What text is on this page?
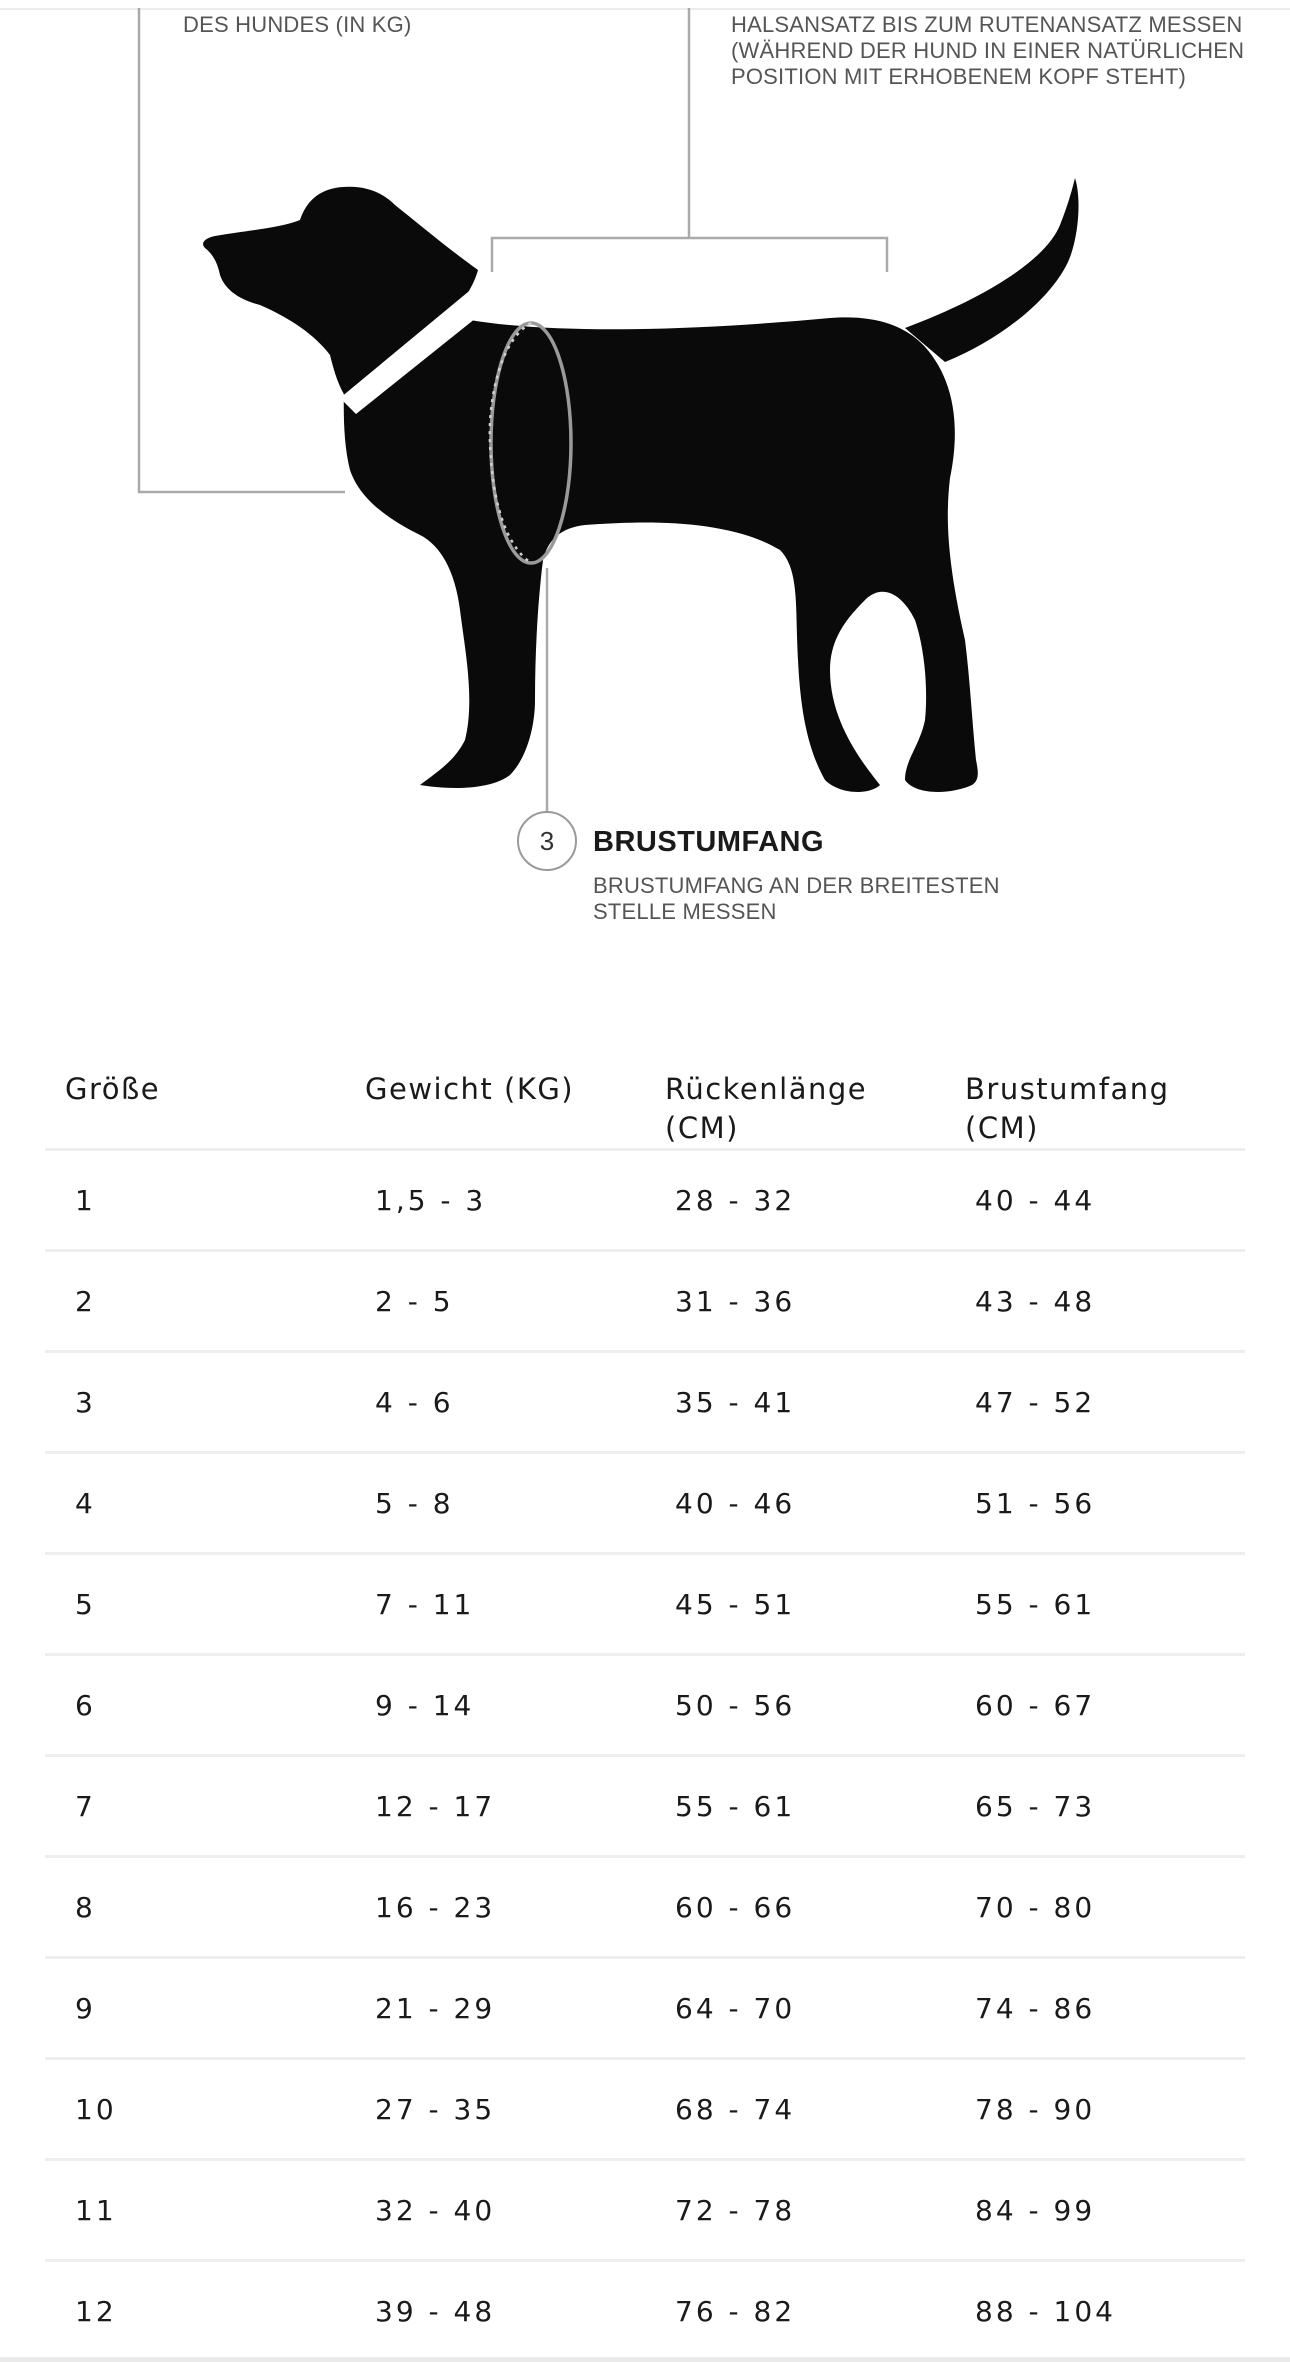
DES HUNDES (IN KG)	HALSANSATZ BIS ZUM RUTENANSATZ MESSEN (WÄHREND DER HUND IN EINER NATÜRLICHEN POSITION MIT ERHOBENEM KOPF STEHT)

3	BRUSTUMFANG

BRUSTUMFANG AN DER BREITESTEN STELLE MESSEN

Größe	Gewicht (KG)	Rückenlänge (CM)	Brustumfang (CM)
1	1,5 - 3	28 - 32	40 - 44
2	2 - 5	31 - 36	43 - 48
3	4 - 6	35 - 41	47 - 52
4	5 - 8	40 - 46	51 - 56
5	7 - 11	45 - 51	55 - 61
6	9 - 14	50 - 56	60 - 67
7	12 - 17	55 - 61	65 - 73
8	16 - 23	60 - 66	70 - 80
9	21 - 29	64 - 70	74 - 86
10	27 - 35	68 - 74	78 - 90
11	32 - 40	72 - 78	84 - 99
12	39 - 48	76 - 82	88 - 104
